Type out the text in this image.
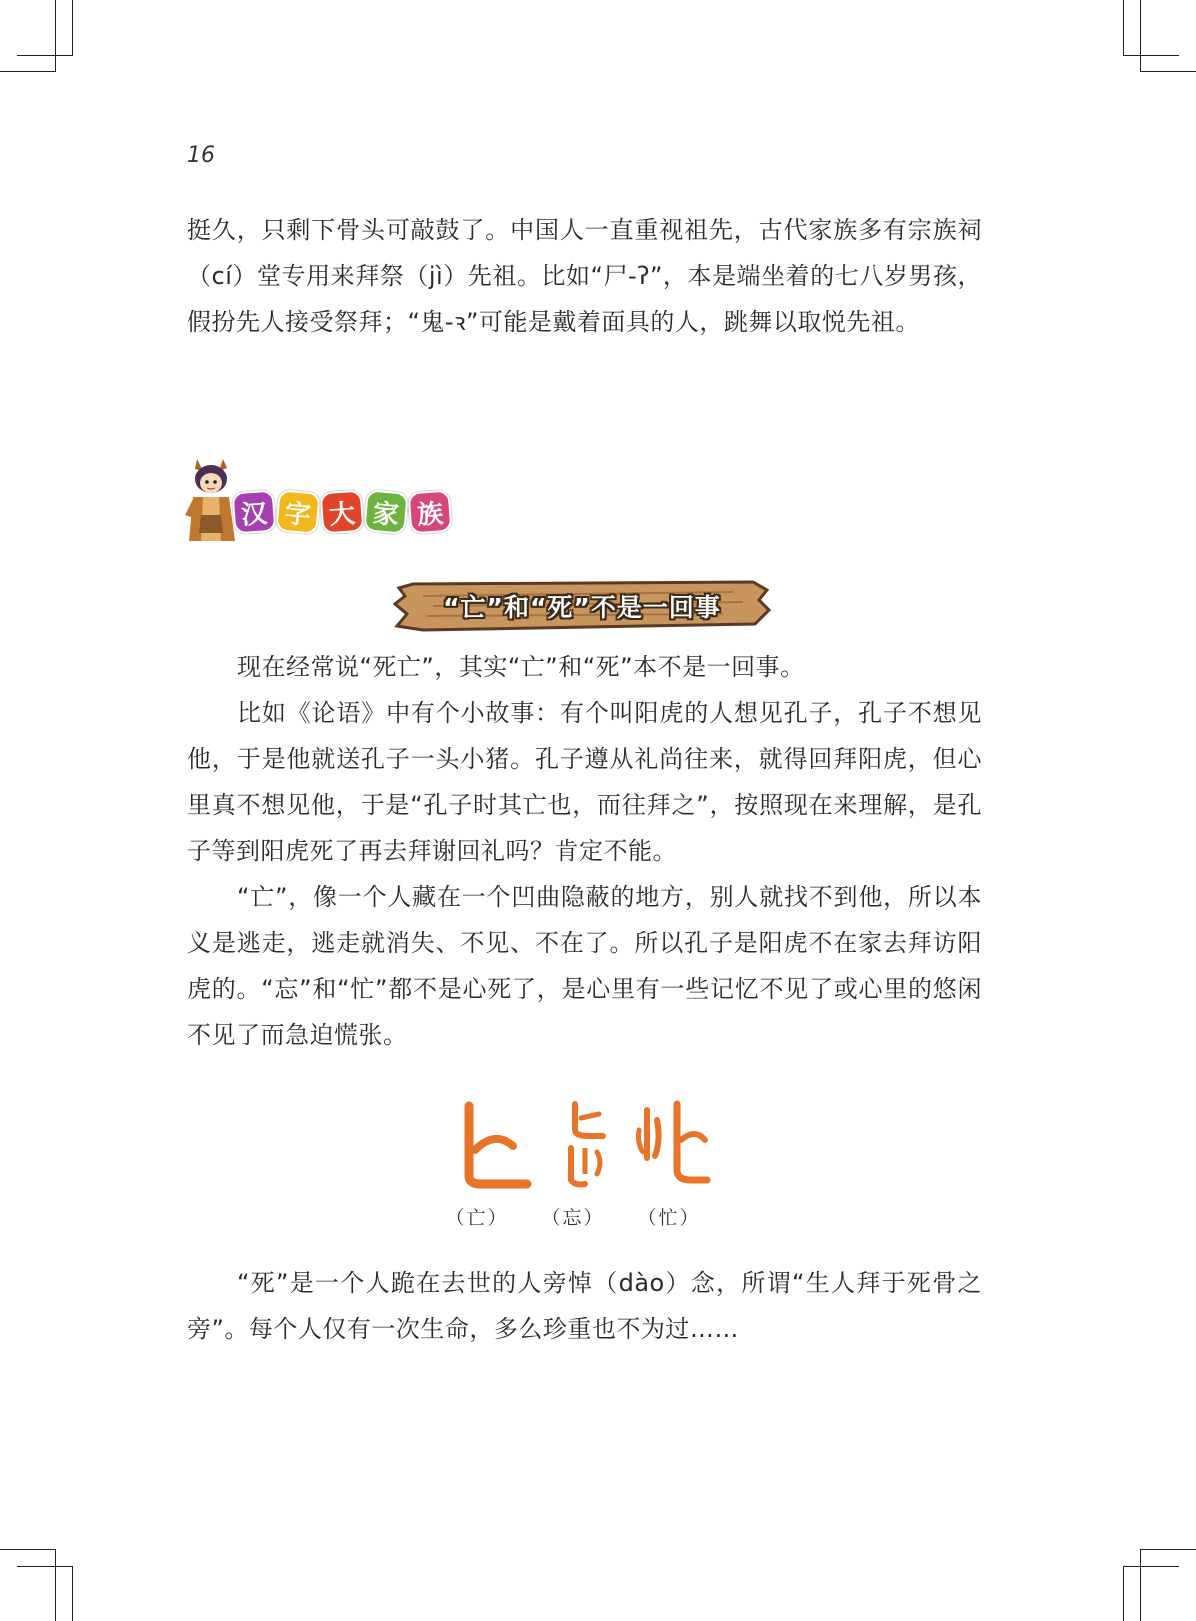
16

挺久，只剩下骨头可敲鼓了。中国人一直重视祖先，古代家族多有宗族祠（cí）堂专用来拜祭（jì）先祖。比如“尸-ʔ”，本是端坐着的七八岁男孩，假扮先人接受祭拜；“鬼-ꝛ”可能是戴着面具的人，跳舞以取悦先祖。

汉 字 大 家 族
“亡”和“死”不是一回事

现在经常说“死亡”，其实“亡”和“死”本不是一回事。

比如《论语》中有个小故事：有个叫阳虎的人想见孔子，孔子不想见他，于是他就送孔子一头小猪。孔子遵从礼尚往来，就得回拜阳虎，但心里真不想见他，于是“孔子时其亡也，而往拜之”，按照现在来理解，是孔子等到阳虎死了再去拜谢回礼吗？肯定不能。

“亡”，像一个人藏在一个凹曲隐蔽的地方，别人就找不到他，所以本义是逃走，逃走就消失、不见、不在了。所以孔子是阳虎不在家去拜访阳虎的。“忘”和“忙”都不是心死了，是心里有一些记忆不见了或心里的悠闲不见了而急迫慌张。

（亡）	（忘）	（忙）

“死”是一个人跪在去世的人旁悼（dào）念，所谓“生人拜于死骨之旁”。每个人仅有一次生命，多么珍重也不为过……
